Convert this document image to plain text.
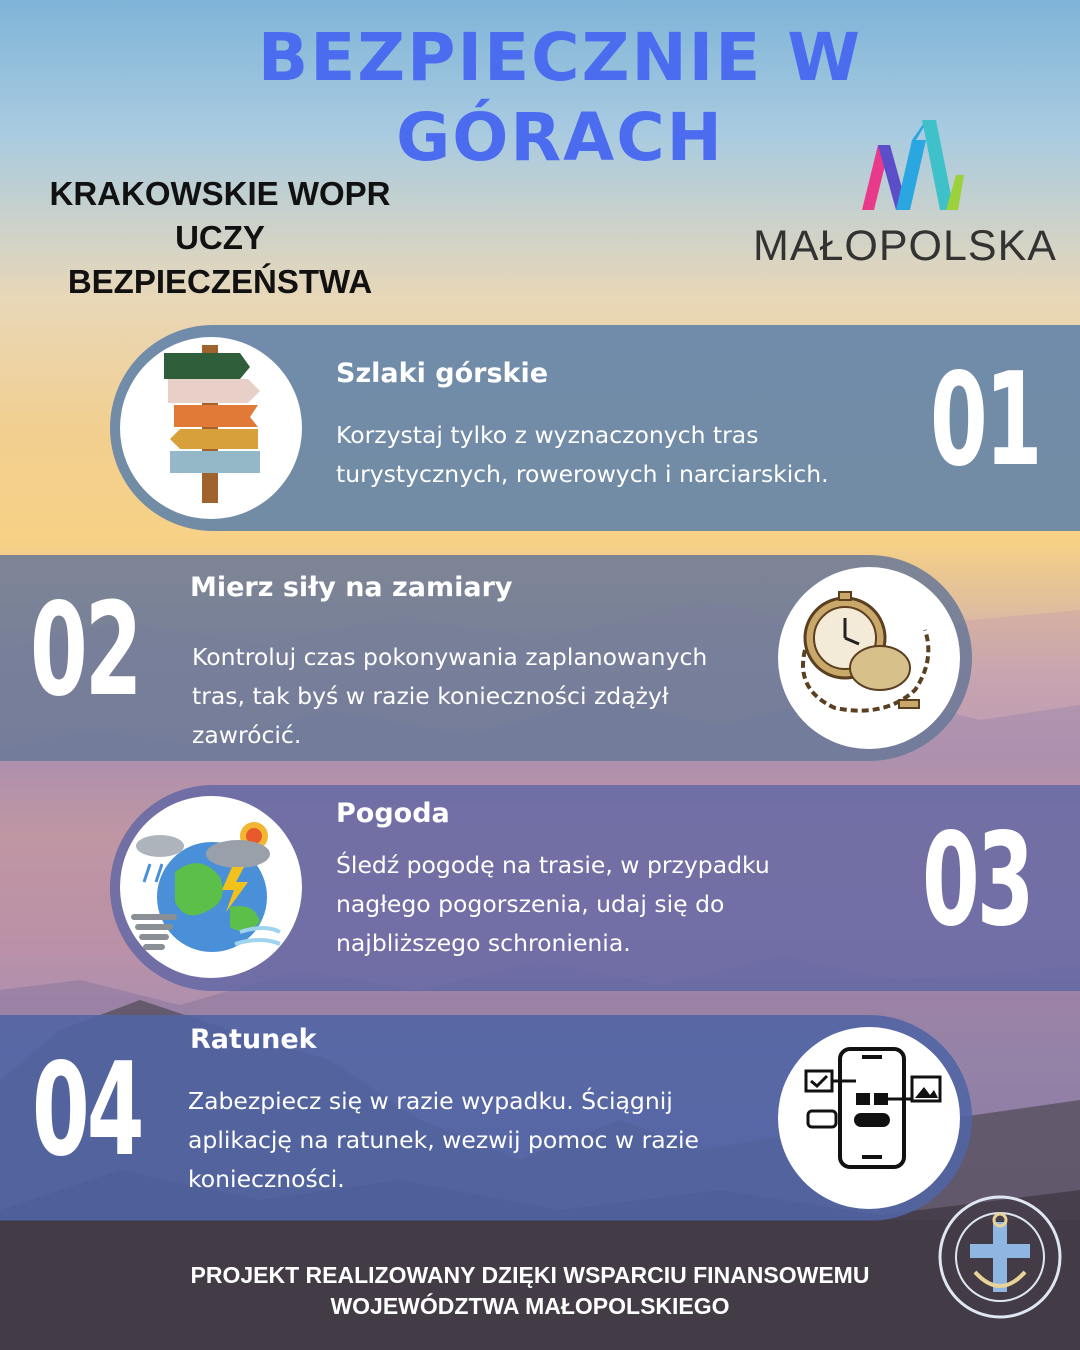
BEZPIECZNIE W GÓRACH
KRAKOWSKIE WOPR UCZY BEZPIECZEŃSTWA
MAŁOPOLSKA
Szlaki górskie
Korzystaj tylko z wyznaczonych tras turystycznych, rowerowych i narciarskich. 01
02 Mierz siły na zamiary
Kontroluj czas pokonywania zaplanowanych tras, tak byś w razie konieczności zdążył zawrócić.
Pogoda
Śledź pogodę na trasie, w przypadku nagłego pogorszenia, udaj się do najbliższego schronienia.	03
04 Ratunek
Zabezpiecz się w razie wypadku. Ściągnij aplikację na ratunek, wezwij pomoc w razie konieczności.
PROJEKT REALIZOWANY DZIĘKI WSPARCIU FINANSOWEMU WOJEWÓDZTWA MAŁOPOLSKIEGO
